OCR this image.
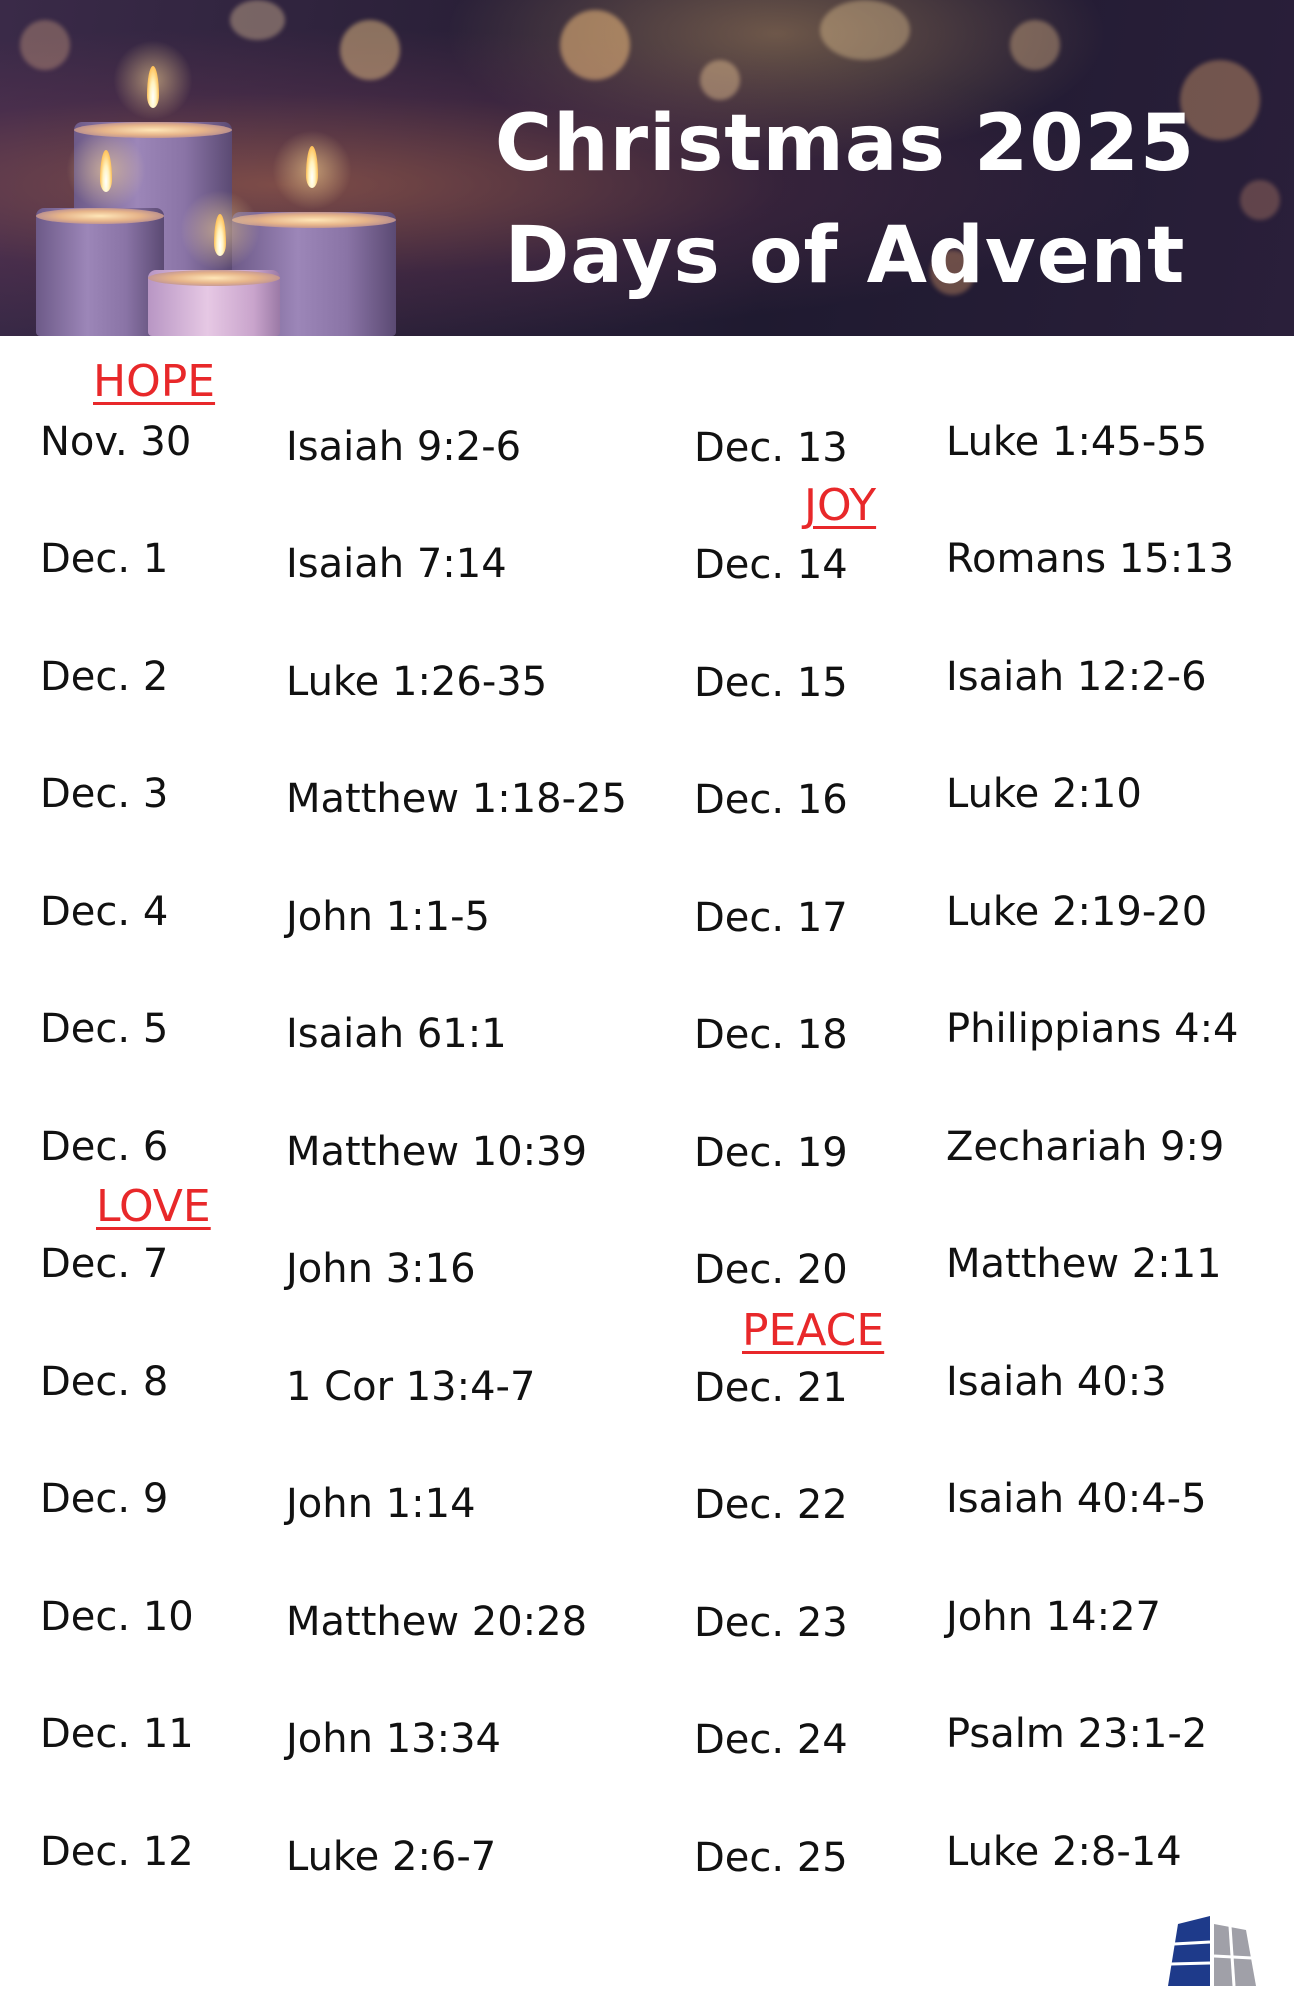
Christmas 2025
Days of Advent

HOPE

LOVE

JOY

PEACE

Nov. 30

Dec. 1

Dec. 2

Dec. 3

Dec. 4

Dec. 5

Dec. 6

Dec. 7

Dec. 8

Dec. 9

Dec. 10

Dec. 11

Dec. 12

Isaiah 9:2-6

Isaiah 7:14

Luke 1:26-35

Matthew 1:18-25

John 1:1-5

Isaiah 61:1

Matthew 10:39

John 3:16

1 Cor 13:4-7

John 1:14

Matthew 20:28

John 13:34

Luke 2:6-7

Dec. 13

Dec. 14

Dec. 15

Dec. 16

Dec. 17

Dec. 18

Dec. 19

Dec. 20

Dec. 21

Dec. 22

Dec. 23

Dec. 24

Dec. 25

Luke 1:45-55

Romans 15:13

Isaiah 12:2-6

Luke 2:10

Luke 2:19-20

Philippians 4:4

Zechariah 9:9

Matthew 2:11

Isaiah 40:3

Isaiah 40:4-5

John 14:27

Psalm 23:1-2

Luke 2:8-14
